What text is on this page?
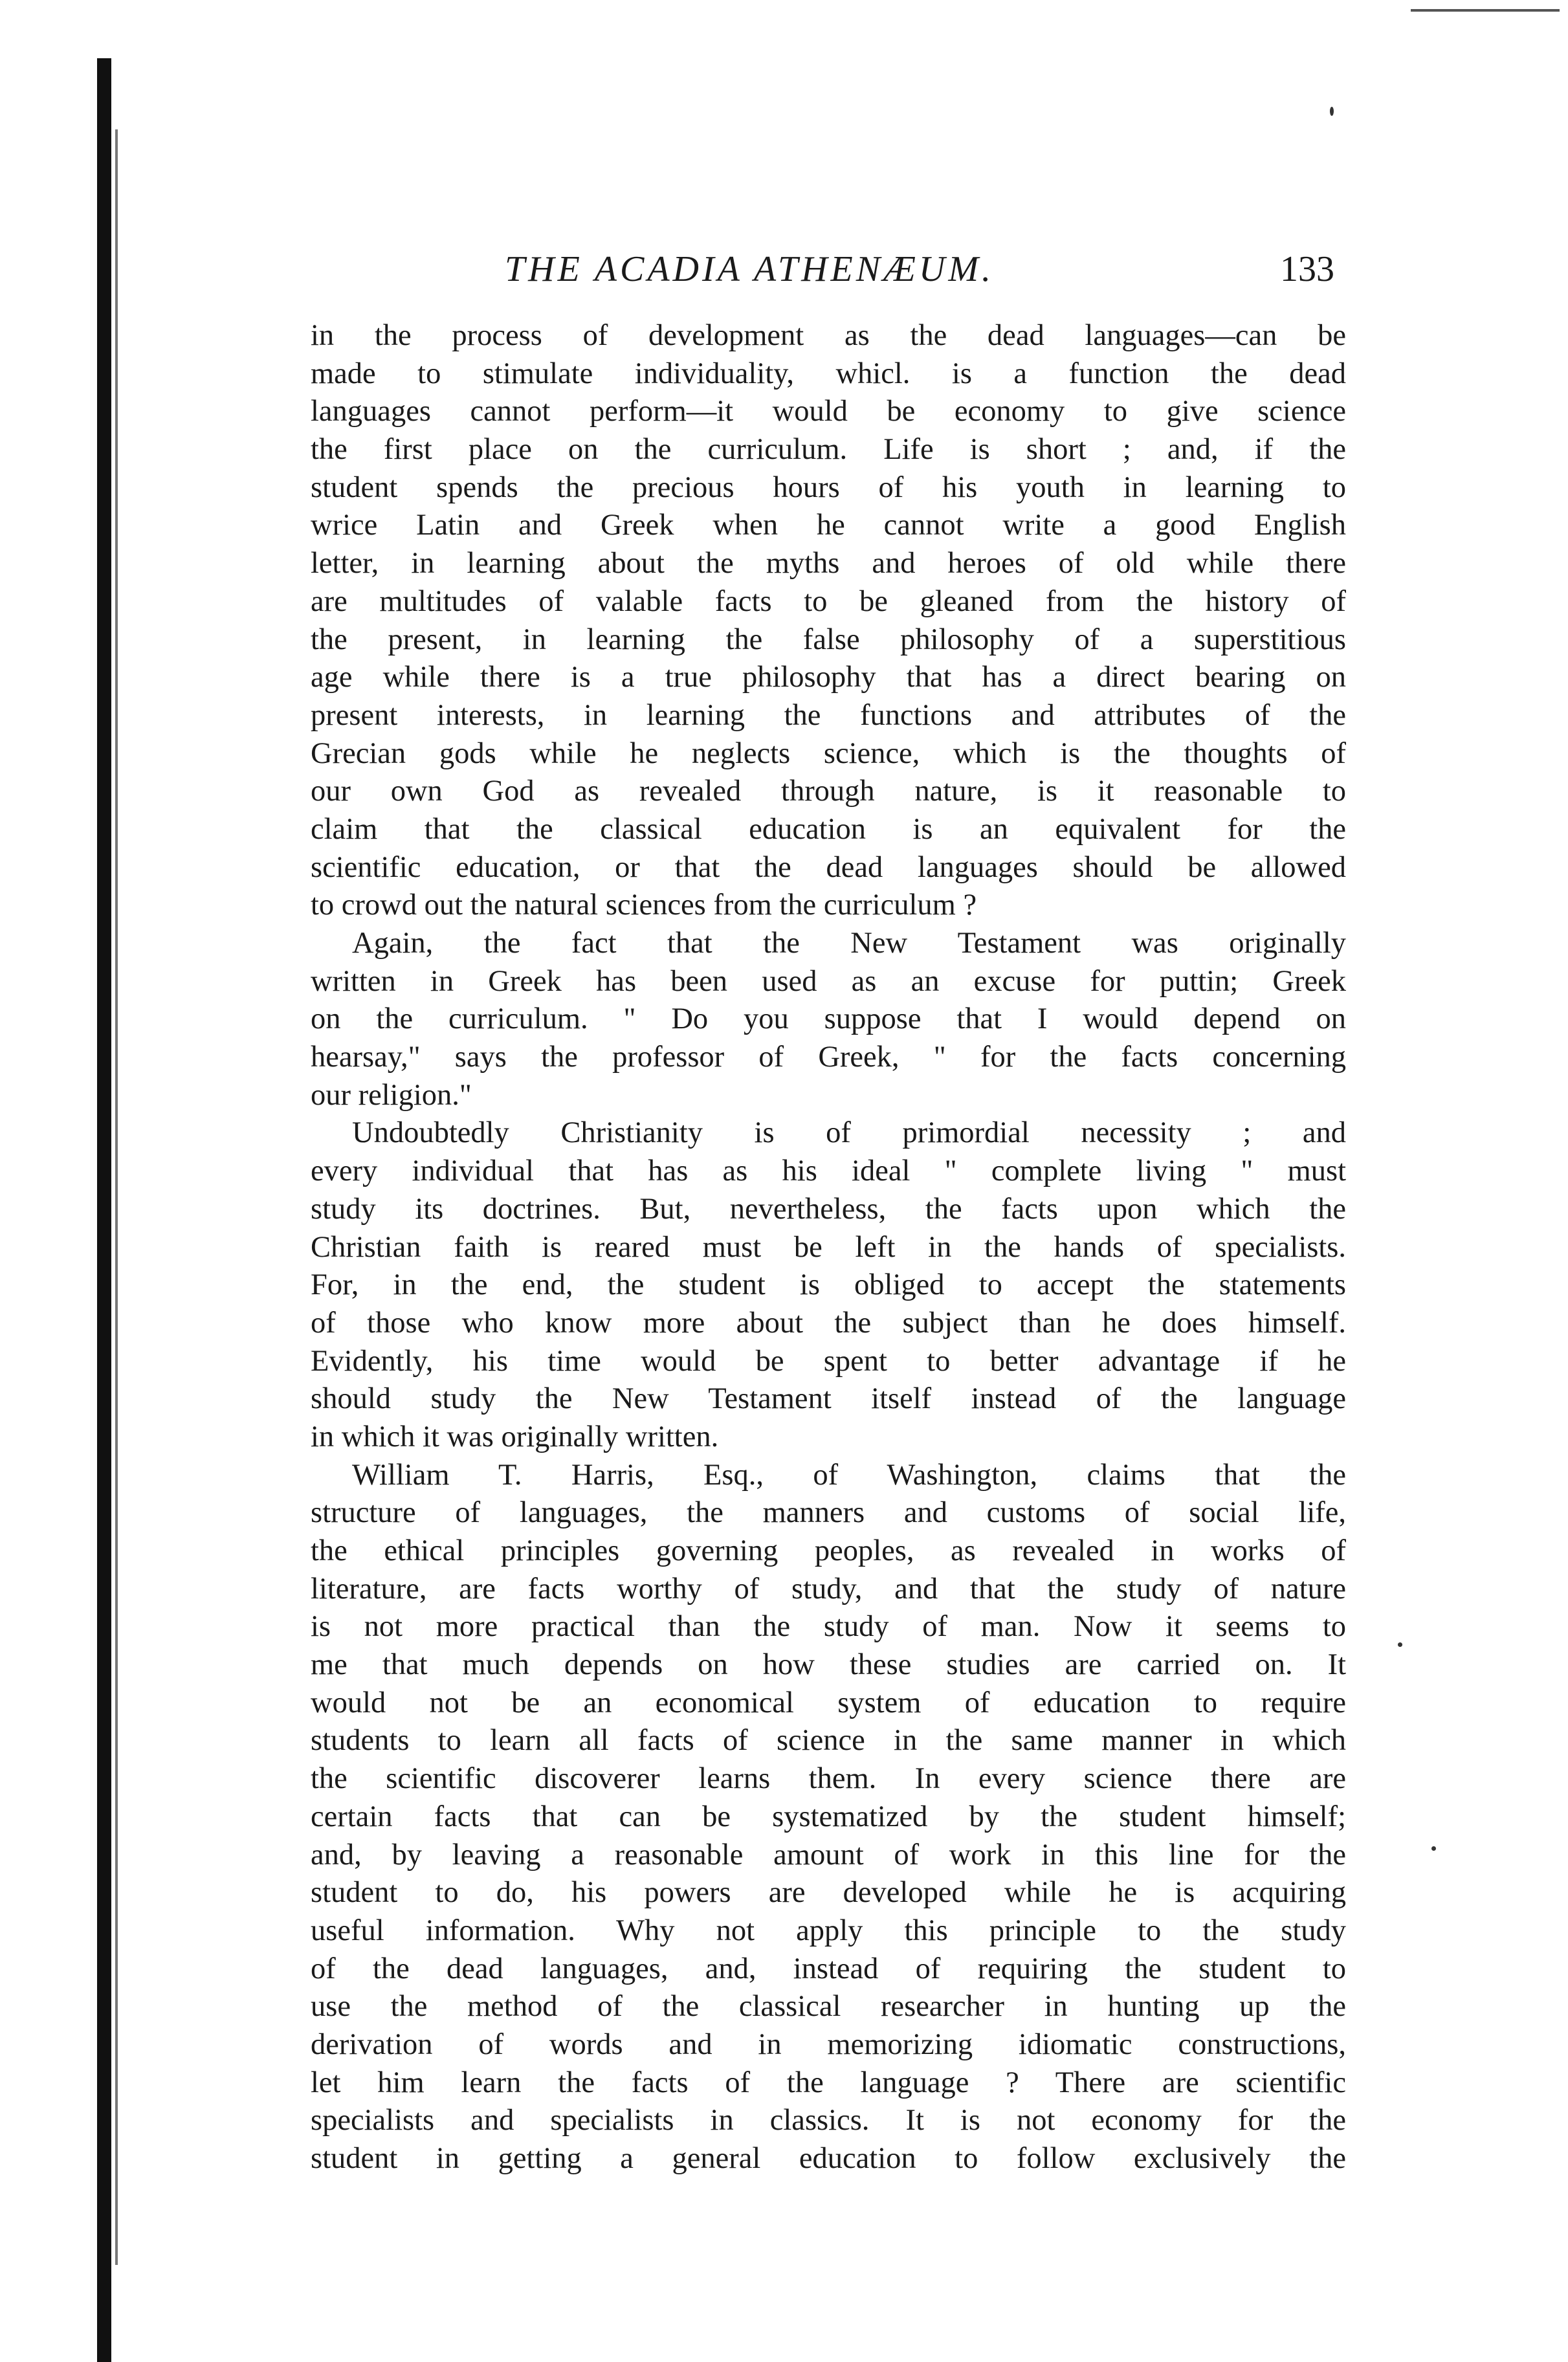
THE ACADIA ATHENÆUM.	133
in the process of development as the dead languages—can be
made to stimulate individuality, whicl. is a function the dead
languages cannot perform—it would be economy to give science
the first place on the curriculum. Life is short ; and, if the
student spends the precious hours of his youth in learning to
wrice Latin and Greek when he cannot write a good English
letter, in learning about the myths and heroes of old while there
are multitudes of valable facts to be gleaned from the history of
the present, in learning the false philosophy of a superstitious
age while there is a true philosophy that has a direct bearing on
present interests, in learning the functions and attributes of the
Grecian gods while he neglects science, which is the thoughts of
our own God as revealed through nature, is it reasonable to
claim that the classical education is an equivalent for the
scientific education, or that the dead languages should be allowed
to crowd out the natural sciences from the curriculum ?
Again, the fact that the New Testament was originally
written in Greek has been used as an excuse for puttin; Greek
on the curriculum. " Do you suppose that I would depend on
hearsay," says the professor of Greek, " for the facts concerning
our religion."
Undoubtedly Christianity is of primordial necessity ; and
every individual that has as his ideal " complete living " must
study its doctrines. But, nevertheless, the facts upon which the
Christian faith is reared must be left in the hands of specialists.
For, in the end, the student is obliged to accept the statements
of those who know more about the subject than he does himself.
Evidently, his time would be spent to better advantage if he
should study the New Testament itself instead of the language
in which it was originally written.
William T. Harris, Esq., of Washington, claims that the
structure of languages, the manners and customs of social life,
the ethical principles governing peoples, as revealed in works of
literature, are facts worthy of study, and that the study of nature
is not more practical than the study of man. Now it seems to
me that much depends on how these studies are carried on. It
would not be an economical system of education to require
students to learn all facts of science in the same manner in which
the scientific discoverer learns them. In every science there are
certain facts that can be systematized by the student himself;
and, by leaving a reasonable amount of work in this line for the
student to do, his powers are developed while he is acquiring
useful information. Why not apply this principle to the study
of the dead languages, and, instead of requiring the student to
use the method of the classical researcher in hunting up the
derivation of words and in memorizing idiomatic constructions,
let him learn the facts of the language ? There are scientific
specialists and specialists in classics. It is not economy for the
student in getting a general education to follow exclusively the
